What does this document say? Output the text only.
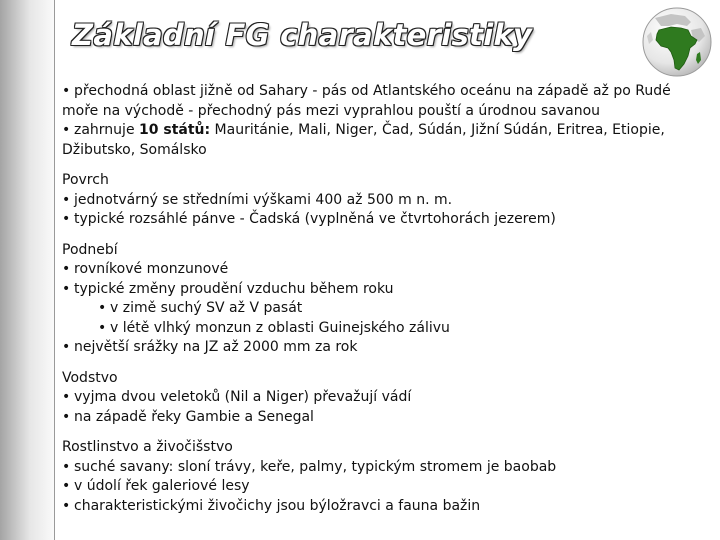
Základní FG charakteristiky
• přechodná oblast jižně od Sahary - pás od Atlantského oceánu na západě až po Rudé
moře na východě - přechodný pás mezi vyprahlou pouští a úrodnou savanou
• zahrnuje 10 států: Mauritánie, Mali, Niger, Čad, Súdán, Jižní Súdán, Eritrea, Etiopie,
Džibutsko, Somálsko
Povrch
• jednotvárný se středními výškami 400 až 500 m n. m.
• typické rozsáhlé pánve - Čadská (vyplněná ve čtvrtohorách jezerem)
Podnebí
• rovníkové monzunové
• typické změny proudění vzduchu během roku
• v zimě suchý SV až V pasát
• v létě vlhký monzun z oblasti Guinejského zálivu
• největší srážky na JZ až 2000 mm za rok
Vodstvo
• vyjma dvou veletoků (Nil a Niger) převažují vádí
• na západě řeky Gambie a Senegal
Rostlinstvo a živočišstvo
• suché savany: sloní trávy, keře, palmy, typickým stromem je baobab
• v údolí řek galeriové lesy
• charakteristickými živočichy jsou býložravci a fauna bažin
